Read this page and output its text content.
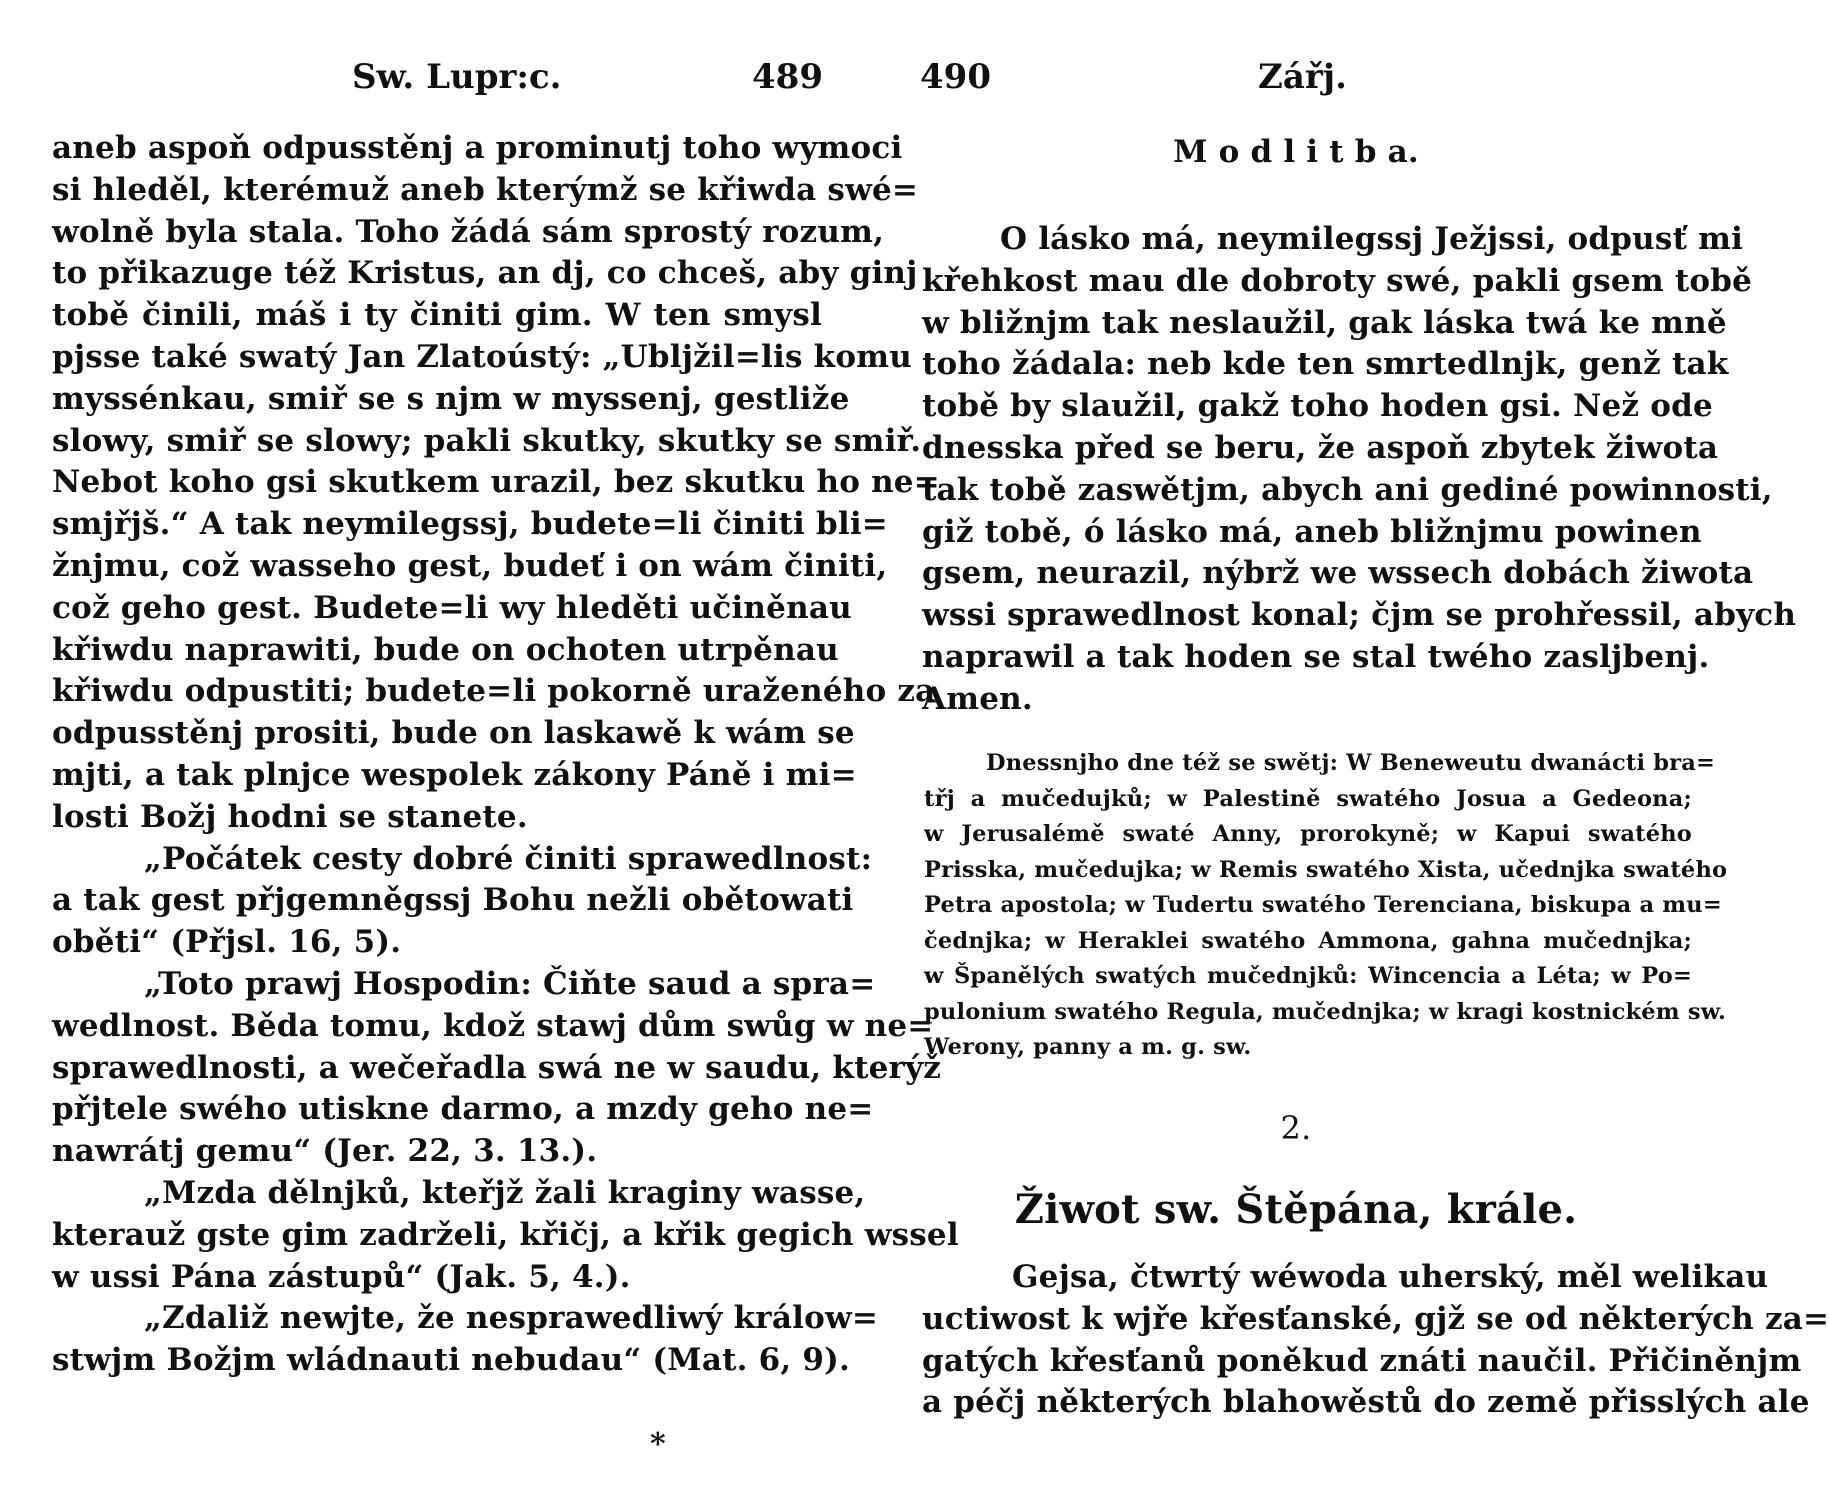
Sw. Lupr:c.	489
aneb aspoň odpusstěnj a prominutj toho wymoci
si hleděl, kterémuž aneb kterýmž se křiwda swé=
wolně byla stala. Toho žádá sám sprostý rozum,
to přikazuge též Kristus, an dj, co chceš, aby ginj
tobě činili, máš i ty činiti gim. W ten smysl
pjsse také swatý Jan Zlatoústý: „Ublјžil=lis komu
myssénkau, smiř se s njm w myssenj, gestliže
slowy, smiř se slowy; pakli skutky, skutky se smiř.
Nebot koho gsi skutkem urazil, bez skutku ho ne=
smjřjš.“ A tak neymilegssj, budete=li činiti bli=
žnjmu, což wasseho gest, budeť i on wám činiti,
což geho gest. Budete=li wy hleděti učiněnau
křiwdu naprawiti, bude on ochoten utrpěnau
křiwdu odpustiti; budete=li pokorně uraženého za
odpusstěnj prositi, bude on laskawě k wám se
mjti, a tak plnjce wespolek zákony Páně i mi=
losti Božj hodni se stanete.
„Počátek cesty dobré činiti sprawedlnost:
a tak gest přjgemněgssj Bohu nežli obětowati
oběti“ (Přjsl. 16, 5).
„Toto prawj Hospodin: Čiňte saud a spra=
wedlnost. Běda tomu, kdož stawj dům swůg w ne=
sprawedlnosti, a wečeřadla swá ne w saudu, kterýž
přjtele swého utiskne darmo, a mzdy geho ne=
nawrátj gemu“ (Jer. 22, 3. 13.).
„Mzda dělnjků, kteřjž žali kraginy wasse,
kterauž gste gim zadrželi, křičj, a křik gegich wssel
w ussi Pána zástupů“ (Jak. 5, 4.).
„Zdaliž newjte, že nesprawedliwý králow=
stwjm Božjm wládnauti nebudau“ (Mat. 6, 9).
*
490	Zářj.
M o d l i t b a.
O lásko má, neymilegssj Ježjssi, odpusť mi
křehkost mau dle dobroty swé, pakli gsem tobě
w bližnjm tak neslaužil, gak láska twá ke mně
toho žádala: neb kde ten smrtedlnjk, genž tak
tobě by slaužil, gakž toho hoden gsi. Než ode
dnesska před se beru, že aspoň zbytek žiwota
tak tobě zaswětjm, abych ani gediné powinnosti,
giž tobě, ó lásko má, aneb bližnjmu powinen
gsem, neurazil, nýbrž we wssech dobách žiwota
wssi sprawedlnost konal; čjm se prohřessil, abych
naprawil a tak hoden se stal twého zaslјbenj.
Amen.
Dnessnjho dne též se swětj: W Beneweutu dwanácti bra=
třj a mučedujků; w Palestině swatého Josua a Gedeona;
w Jerusalémě swaté Anny, prorokyně; w Kapui swatého
Prisska, mučedujka; w Remis swatého Xista, učednjka swatého
Petra apostola; w Tudertu swatého Terenciana, biskupa a mu=
čednjka; w Heraklei swatého Ammona, gahna mučednjka;
w Španělých swatých mučednjků: Wincencia a Léta; w Po=
pulonium swatého Regula, mučednjka; w kragi kostnickém sw.
Werony, panny a m. g. sw.
2.
Žiwot sw. Štěpána, krále.
Gejsa, čtwrtý wéwoda uherský, měl welikau
uctiwost k wjře křesťanské, gjž se od některých za=
gatých křesťanů poněkud znáti naučil. Přičiněnjm
a péčj některých blahowěstů do země přisslých ale
